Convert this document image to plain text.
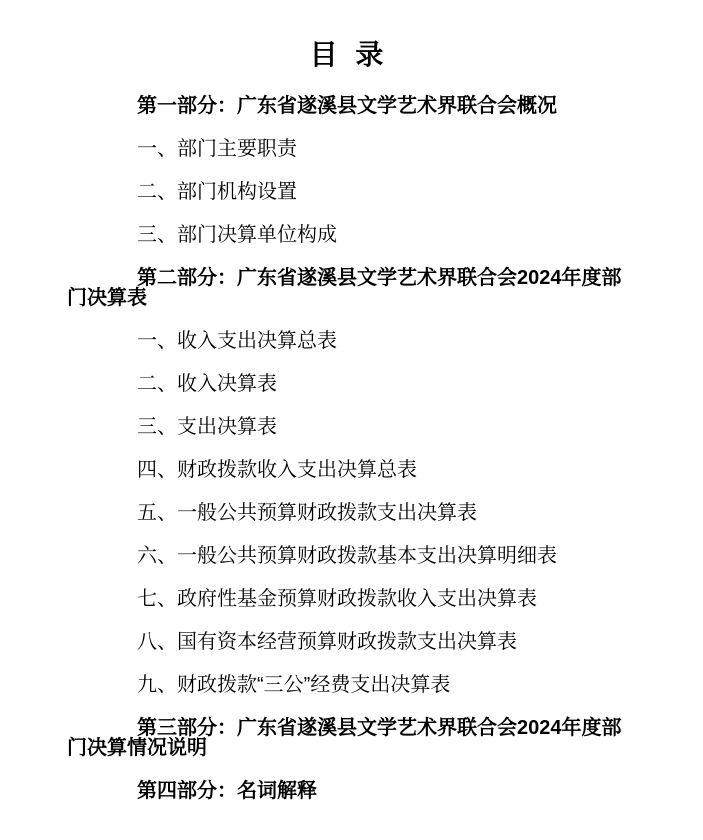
目 录

第一部分：广东省遂溪县文学艺术界联合会概况

一、部门主要职责

二、部门机构设置

三、部门决算单位构成

第二部分：广东省遂溪县文学艺术界联合会2024年度部门决算表

一、收入支出决算总表

二、收入决算表

三、支出决算表

四、财政拨款收入支出决算总表

五、一般公共预算财政拨款支出决算表

六、一般公共预算财政拨款基本支出决算明细表

七、政府性基金预算财政拨款收入支出决算表

八、国有资本经营预算财政拨款支出决算表

九、财政拨款“三公”经费支出决算表

第三部分：广东省遂溪县文学艺术界联合会2024年度部门决算情况说明

第四部分：名词解释
